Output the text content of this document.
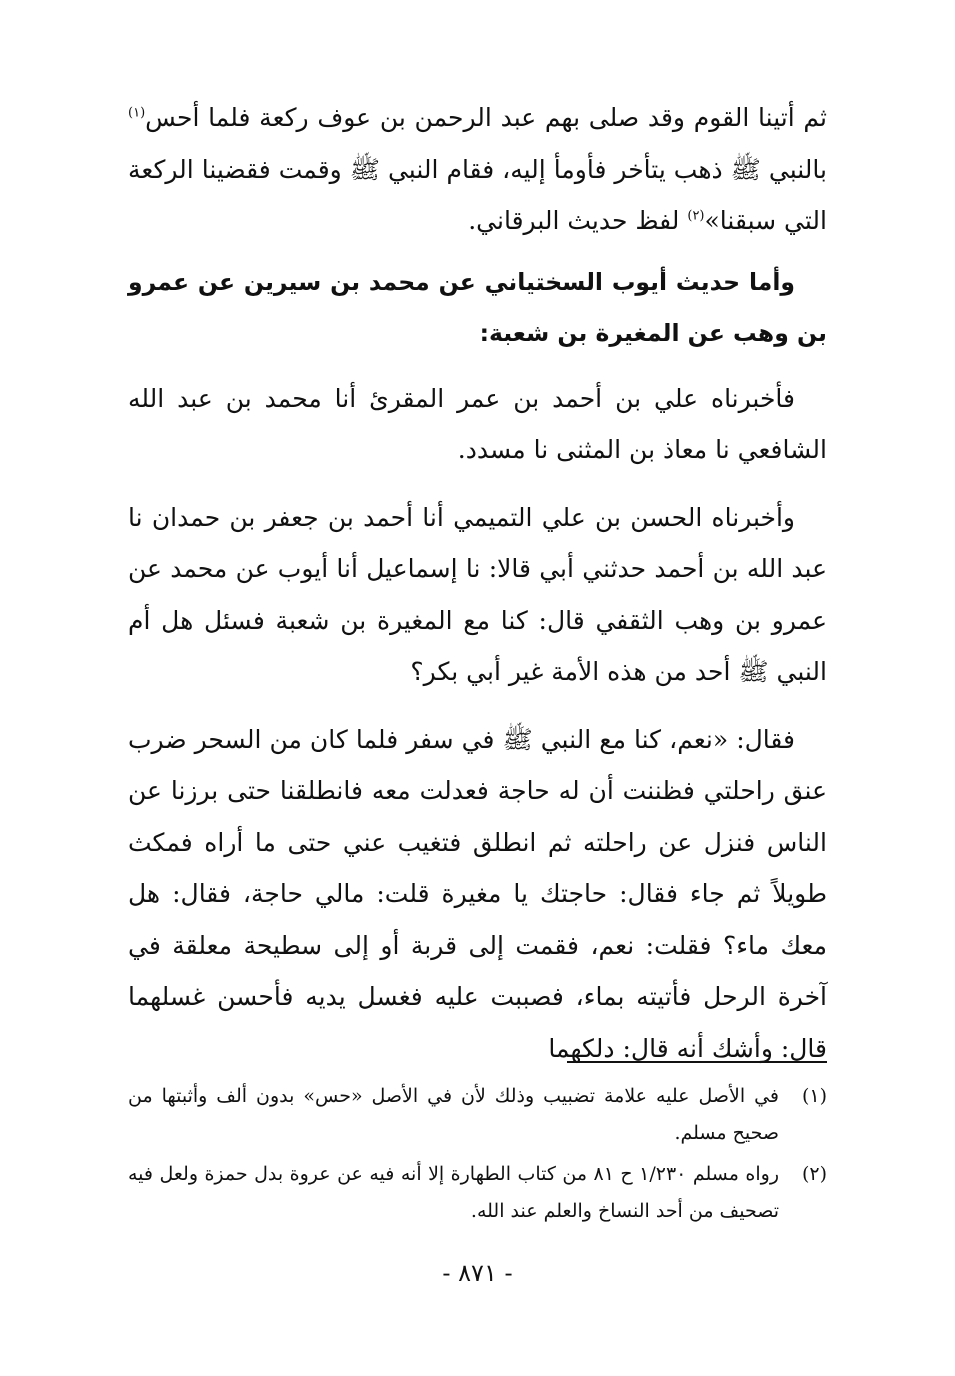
ثم أتينا القوم وقد صلى بهم عبد الرحمن بن عوف ركعة فلما أحس$^{(١)}$ بالنبي ﷺ ذهب يتأخر فأومأ إليه، فقام النبي ﷺ وقمت فقضينا الركعة التي سبقنا»$^{(٢)}$ لفظ حديث البرقاني.

وأما حديث أيوب السختياني عن محمد بن سيرين عن عمرو بن وهب عن المغيرة بن شعبة:

فأخبرناه علي بن أحمد بن عمر المقرئ أنا محمد بن عبد الله الشافعي نا معاذ بن المثنى نا مسدد.

وأخبرناه الحسن بن علي التميمي أنا أحمد بن جعفر بن حمدان نا عبد الله بن أحمد حدثني أبي قالا: نا إسماعيل أنا أيوب عن محمد عن عمرو بن وهب الثقفي قال: كنا مع المغيرة بن شعبة فسئل هل أم النبي ﷺ أحد من هذه الأمة غير أبي بكر؟

فقال: «نعم، كنا مع النبي ﷺ في سفر فلما كان من السحر ضرب عنق راحلتي فظننت أن له حاجة فعدلت معه فانطلقنا حتى برزنا عن الناس فنزل عن راحلته ثم انطلق فتغيب عني حتى ما أراه فمكث طويلاً ثم جاء فقال: حاجتك يا مغيرة قلت: مالي حاجة، فقال: هل معك ماء؟ فقلت: نعم، فقمت إلى قربة أو إلى سطيحة معلقة في آخرة الرحل فأتيته بماء، فصببت عليه فغسل يديه فأحسن غسلهما قال: وأشك أنه قال: دلكهما

(١)
في الأصل عليه علامة تضبيب وذلك لأن في الأصل «حس» بدون ألف وأثبتها من صحيح مسلم.
(٢)
رواه مسلم ١/٢٣٠ ح ٨١ من كتاب الطهارة إلا أنه فيه عن عروة بدل حمزة ولعل فيه تصحيف من أحد النساخ والعلم عند الله.
- ٨٧١ -
